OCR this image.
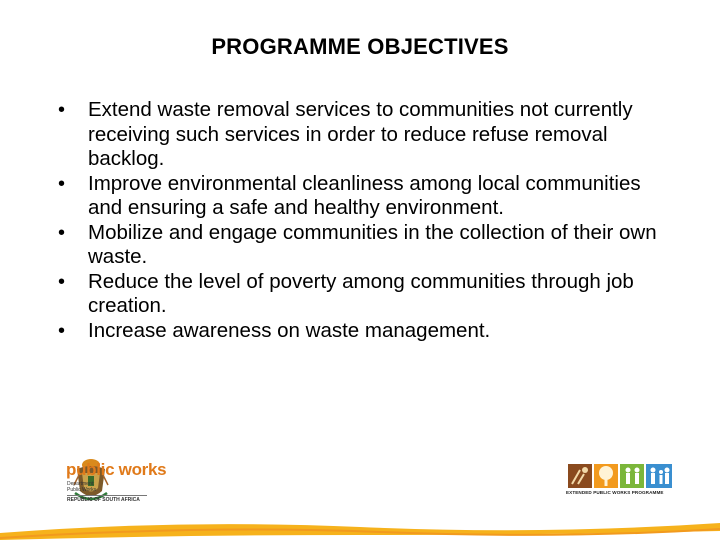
PROGRAMME OBJECTIVES
• Extend waste removal services to communities not currently receiving such services in order to reduce refuse removal backlog.
• Improve environmental cleanliness among local communities and ensuring a safe and healthy environment.
• Mobilize and engage communities in the collection of their own waste.
• Reduce the level of poverty among communities through job creation.
• Increase awareness on waste management.
public works
Department:
Public Works
REPUBLIC OF SOUTH AFRICA
EXTENDED PUBLIC WORKS PROGRAMME
